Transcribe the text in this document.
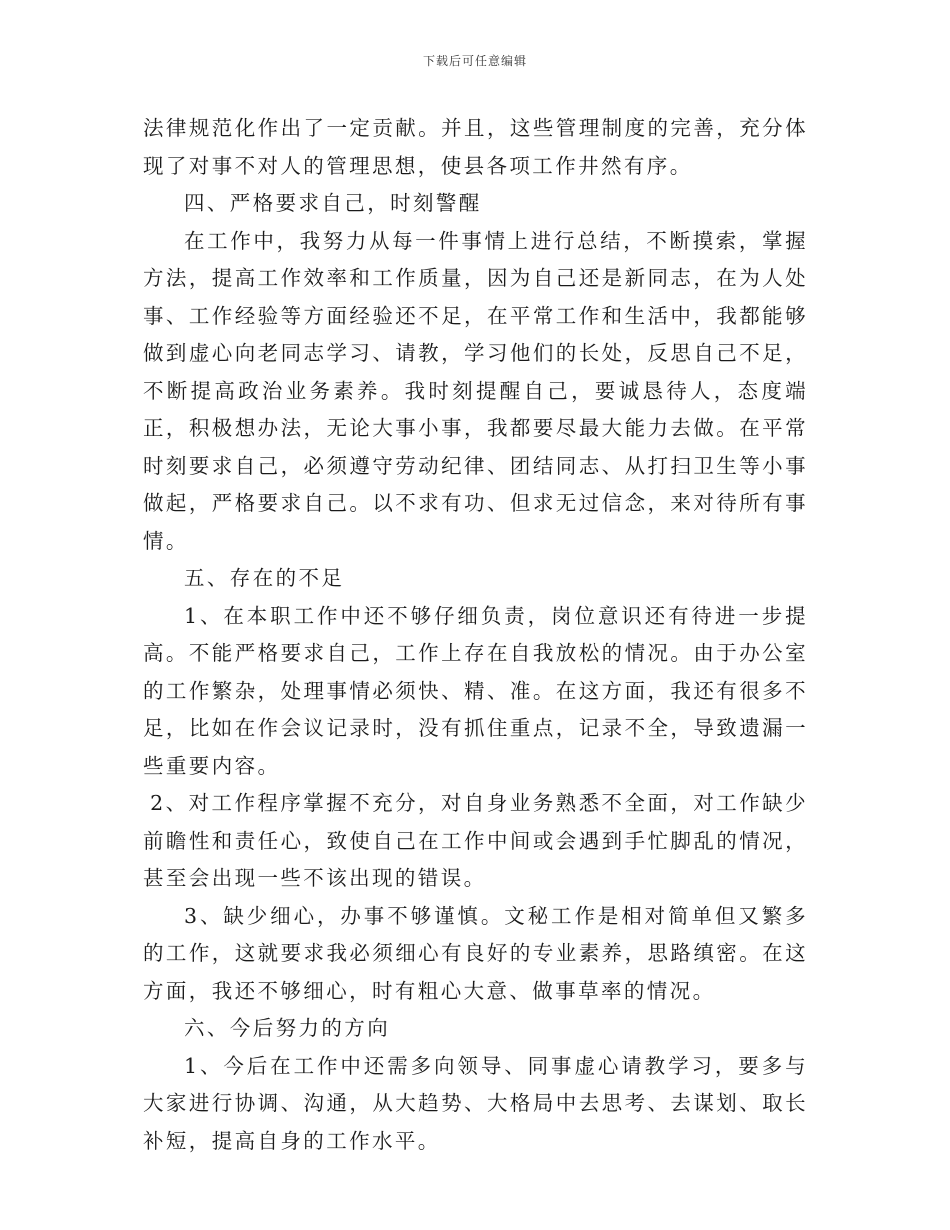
下载后可任意编辑

法律规范化作出了一定贡献。并且，这些管理制度的完善，充分体现了对事不对人的管理思想，使县各项工作井然有序。

四、严格要求自己，时刻警醒

在工作中，我努力从每一件事情上进行总结，不断摸索，掌握方法，提高工作效率和工作质量，因为自己还是新同志，在为人处事、工作经验等方面经验还不足，在平常工作和生活中，我都能够做到虚心向老同志学习、请教，学习他们的长处，反思自己不足，不断提高政治业务素养。我时刻提醒自己，要诚恳待人，态度端正，积极想办法，无论大事小事，我都要尽最大能力去做。在平常时刻要求自己，必须遵守劳动纪律、团结同志、从打扫卫生等小事做起，严格要求自己。以不求有功、但求无过信念，来对待所有事情。

五、存在的不足

1、在本职工作中还不够仔细负责，岗位意识还有待进一步提高。不能严格要求自己，工作上存在自我放松的情况。由于办公室的工作繁杂，处理事情必须快、精、准。在这方面，我还有很多不足，比如在作会议记录时，没有抓住重点，记录不全，导致遗漏一些重要内容。

2、对工作程序掌握不充分，对自身业务熟悉不全面，对工作缺少前瞻性和责任心，致使自己在工作中间或会遇到手忙脚乱的情况，甚至会出现一些不该出现的错误。

3、缺少细心，办事不够谨慎。文秘工作是相对简单但又繁多的工作，这就要求我必须细心有良好的专业素养，思路缜密。在这方面，我还不够细心，时有粗心大意、做事草率的情况。

六、今后努力的方向

1、今后在工作中还需多向领导、同事虚心请教学习，要多与大家进行协调、沟通，从大趋势、大格局中去思考、去谋划、取长补短，提高自身的工作水平。
